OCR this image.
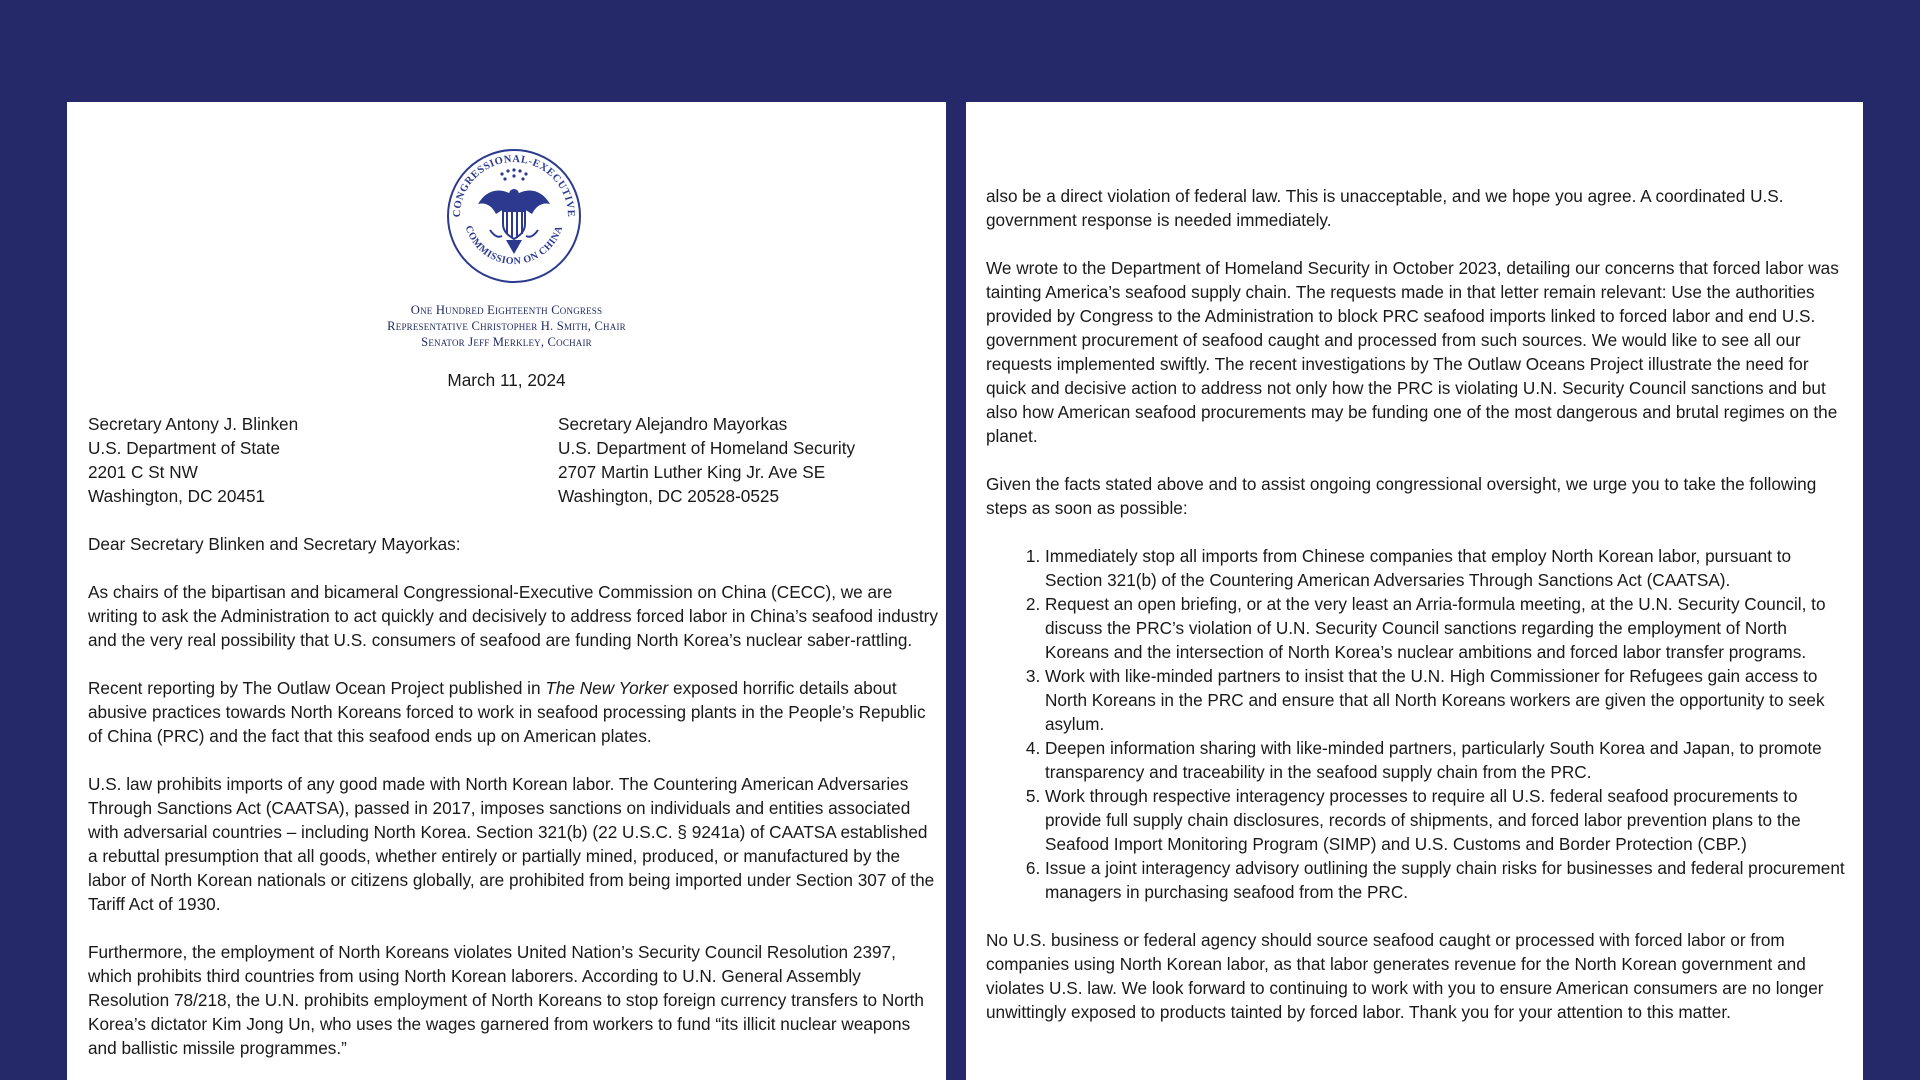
CONGRESSIONAL-EXECUTIVE
COMMISSION ON CHINA
One Hundred Eighteenth Congress
Representative Christopher H. Smith, Chair
Senator Jeff Merkley, Cochair
March 11, 2024
Secretary Antony J. Blinken
U.S. Department of State
2201 C St NW
Washington, DC 20451
Secretary Alejandro Mayorkas
U.S. Department of Homeland Security
2707 Martin Luther King Jr. Ave SE
Washington, DC 20528-0525

Dear Secretary Blinken and Secretary Mayorkas:

As chairs of the bipartisan and bicameral Congressional-Executive Commission on China (CECC), we are writing to ask the Administration to act quickly and decisively to address forced labor in China’s seafood industry and the very real possibility that U.S. consumers of seafood are funding North Korea’s nuclear saber-rattling.

Recent reporting by The Outlaw Ocean Project published in The New Yorker exposed horrific details about abusive practices towards North Koreans forced to work in seafood processing plants in the People’s Republic of China (PRC) and the fact that this seafood ends up on American plates.

U.S. law prohibits imports of any good made with North Korean labor. The Countering American Adversaries Through Sanctions Act (CAATSA), passed in 2017, imposes sanctions on individuals and entities associated with adversarial countries – including North Korea. Section 321(b) (22 U.S.C. § 9241a) of CAATSA established a rebuttal presumption that all goods, whether entirely or partially mined, produced, or manufactured by the labor of North Korean nationals or citizens globally, are prohibited from being imported under Section 307 of the Tariff Act of 1930.

Furthermore, the employment of North Koreans violates United Nation’s Security Council Resolution 2397, which prohibits third countries from using North Korean laborers. According to U.N. General Assembly Resolution 78/218, the U.N. prohibits employment of North Koreans to stop foreign currency transfers to North Korea’s dictator Kim Jong Un, who uses the wages garnered from workers to fund “its illicit nuclear weapons and ballistic missile programmes.”

also be a direct violation of federal law. This is unacceptable, and we hope you agree. A coordinated U.S. government response is needed immediately.

We wrote to the Department of Homeland Security in October 2023, detailing our concerns that forced labor was tainting America’s seafood supply chain. The requests made in that letter remain relevant: Use the authorities provided by Congress to the Administration to block PRC seafood imports linked to forced labor and end U.S. government procurement of seafood caught and processed from such sources. We would like to see all our requests implemented swiftly. The recent investigations by The Outlaw Oceans Project illustrate the need for quick and decisive action to address not only how the PRC is violating U.N. Security Council sanctions and but also how American seafood procurements may be funding one of the most dangerous and brutal regimes on the planet.

Given the facts stated above and to assist ongoing congressional oversight, we urge you to take the following steps as soon as possible:

1. Immediately stop all imports from Chinese companies that employ North Korean labor, pursuant to Section 321(b) of the Countering American Adversaries Through Sanctions Act (CAATSA).
2. Request an open briefing, or at the very least an Arria-formula meeting, at the U.N. Security Council, to discuss the PRC’s violation of U.N. Security Council sanctions regarding the employment of North Koreans and the intersection of North Korea’s nuclear ambitions and forced labor transfer programs.
3. Work with like-minded partners to insist that the U.N. High Commissioner for Refugees gain access to North Koreans in the PRC and ensure that all North Koreans workers are given the opportunity to seek asylum.
4. Deepen information sharing with like-minded partners, particularly South Korea and Japan, to promote transparency and traceability in the seafood supply chain from the PRC.
5. Work through respective interagency processes to require all U.S. federal seafood procurements to provide full supply chain disclosures, records of shipments, and forced labor prevention plans to the Seafood Import Monitoring Program (SIMP) and U.S. Customs and Border Protection (CBP.)
6. Issue a joint interagency advisory outlining the supply chain risks for businesses and federal procurement managers in purchasing seafood from the PRC.

No U.S. business or federal agency should source seafood caught or processed with forced labor or from companies using North Korean labor, as that labor generates revenue for the North Korean government and violates U.S. law. We look forward to continuing to work with you to ensure American consumers are no longer unwittingly exposed to products tainted by forced labor. Thank you for your attention to this matter.
